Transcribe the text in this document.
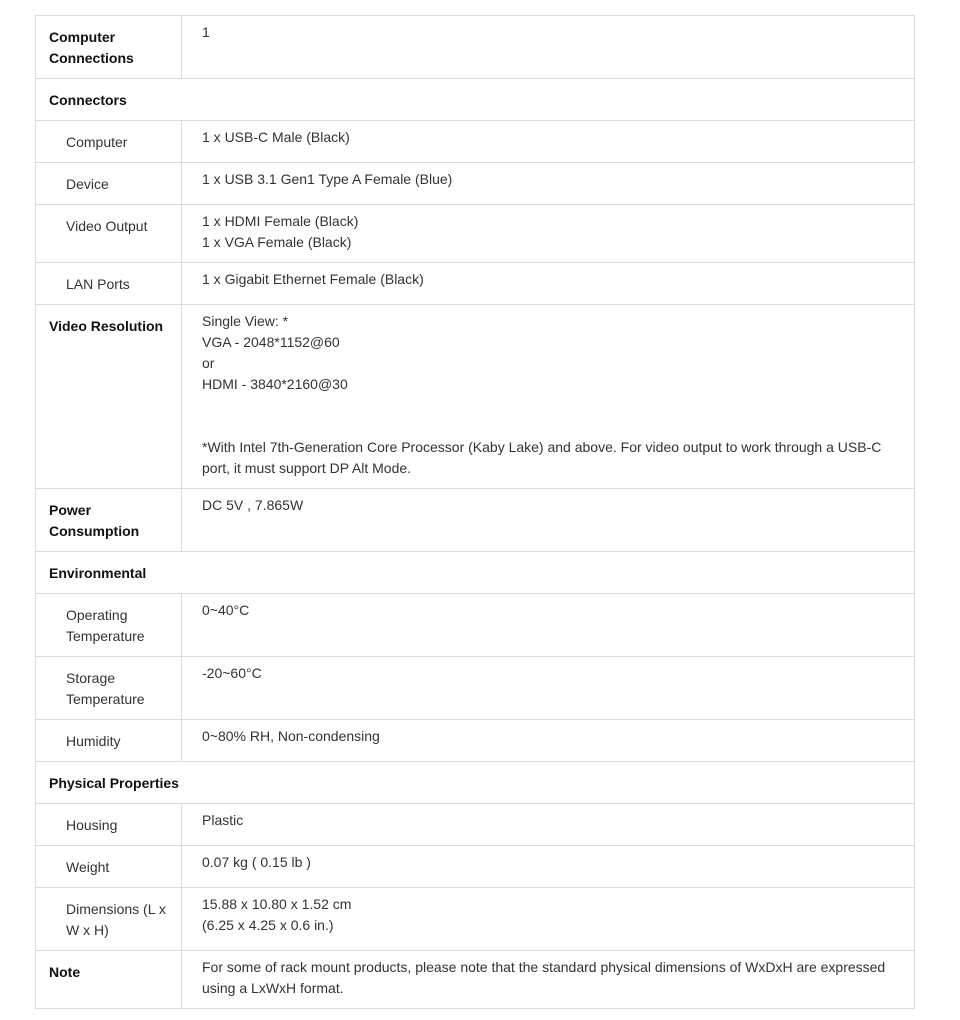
Computer Connections	1
Connectors	
Computer	1 x USB-C Male (Black)
Device	1 x USB 3.1 Gen1 Type A Female (Blue)
Video Output	1 x HDMI Female (Black)
1 x VGA Female (Black)

LAN Ports	1 x Gigabit Ethernet Female (Black)
Video Resolution	Single View: *
VGA - 2048*1152@60
or
HDMI - 3840*2160@30
*With Intel 7th-Generation Core Processor (Kaby Lake) and above. For video output to work through a USB-C port, it must support DP Alt Mode.

Power Consumption	DC 5V , 7.865W
Environmental	
Operating Temperature	0~40°C
Storage Temperature	-20~60°C
Humidity	0~80% RH, Non-condensing
Physical Properties	
Housing	Plastic
Weight	0.07 kg ( 0.15 lb )
Dimensions (L x W x H)	15.88 x 10.80 x 1.52 cm
(6.25 x 4.25 x 0.6 in.)

Note	For some of rack mount products, please note that the standard physical dimensions of WxDxH are expressed using a LxWxH format.
